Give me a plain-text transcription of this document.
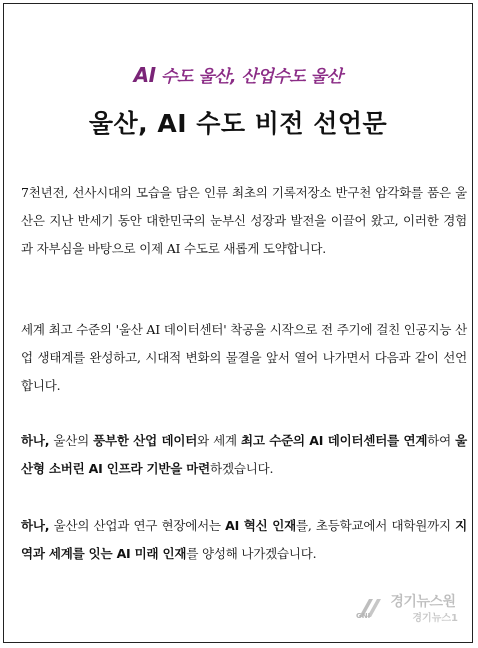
AI 수도 울산, 산업수도 울산
울산, AI 수도 비전 선언문
7천년전, 선사시대의 모습을 담은 인류 최초의 기록저장소 반구천 암각화를 품은 울산은 지난 반세기 동안 대한민국의 눈부신 성장과 발전을 이끌어 왔고, 이러한 경험과 자부심을 바탕으로 이제 AI 수도로 새롭게 도약합니다.
세계 최고 수준의 '울산 AI 데이터센터' 착공을 시작으로 전 주기에 걸친 인공지능 산업 생태계를 완성하고, 시대적 변화의 물결을 앞서 열어 나가면서 다음과 같이 선언합니다.
하나, 울산의 풍부한 산업 데이터와 세계 최고 수준의 AI 데이터센터를 연계하여 울산형 소버린 AI 인프라 기반을 마련하겠습니다.
하나, 울산의 산업과 연구 현장에서는 AI 혁신 인재를, 초등학교에서 대학원까지 지역과 세계를 잇는 AI 미래 인재를 양성해 나가겠습니다.
GNI
경기뉴스원
경기뉴스1
